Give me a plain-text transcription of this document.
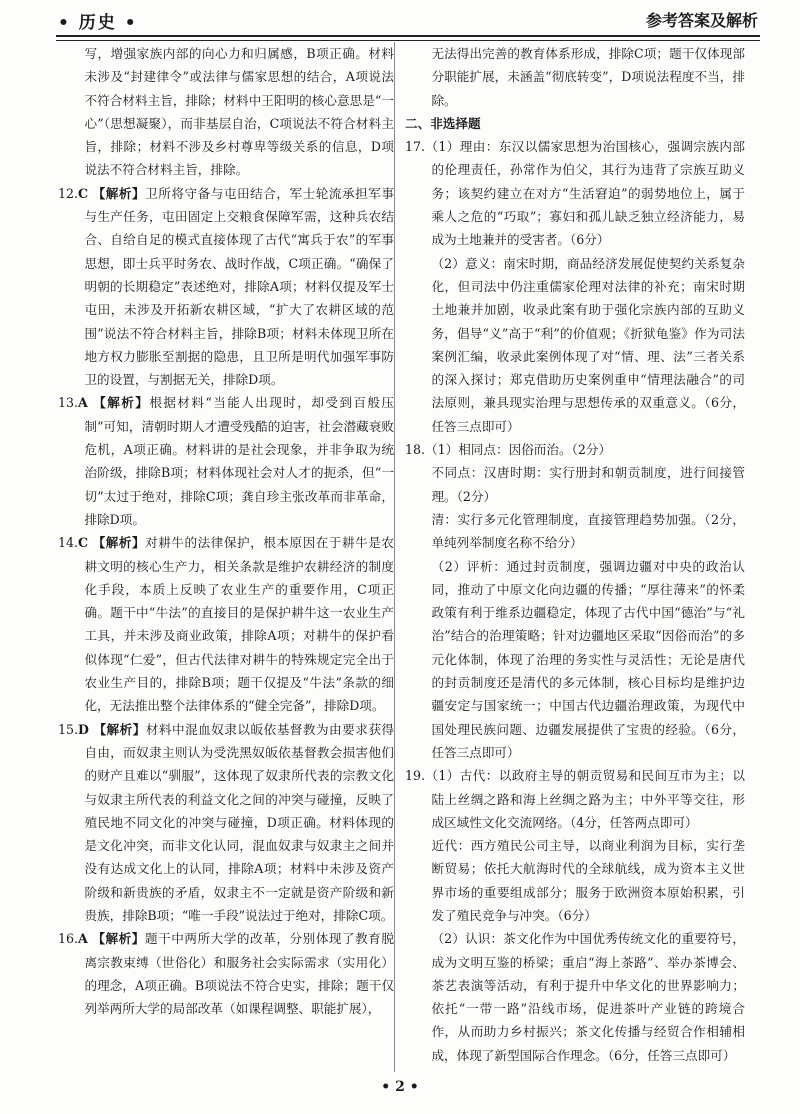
• 历史 •	参考答案及解析

写，增强家族内部的向心力和归属感，B项正确。材料未涉及“封建律令”或法律与儒家思想的结合，A项说法不符合材料主旨，排除；材料中王阳明的核心意思是“一心”（思想凝聚），而非基层自治，C项说法不符合材料主旨，排除；材料不涉及乡村尊卑等级关系的信息，D项说法不符合材料主旨，排除。

12.C 【解析】卫所将守备与屯田结合，军士轮流承担军事与生产任务，屯田固定上交粮食保障军需，这种兵农结合、自给自足的模式直接体现了古代“寓兵于农”的军事思想，即士兵平时务农、战时作战，C项正确。“确保了明朝的长期稳定”表述绝对，排除A项；材料仅提及军士屯田，未涉及开拓新农耕区域，“扩大了农耕区域的范围”说法不符合材料主旨，排除B项；材料未体现卫所在地方权力膨胀至割据的隐患，且卫所是明代加强军事防卫的设置，与割据无关，排除D项。

13.A 【解析】根据材料“当能人出现时，却受到百般压制”可知，清朝时期人才遭受残酷的迫害，社会潜藏衰败危机，A项正确。材料讲的是社会现象，并非争取为统治阶级，排除B项；材料体现社会对人才的扼杀，但“一切”太过于绝对，排除C项；龚自珍主张改革而非革命，排除D项。

14.C 【解析】对耕牛的法律保护，根本原因在于耕牛是农耕文明的核心生产力，相关条款是维护农耕经济的制度化手段，本质上反映了农业生产的重要作用，C项正确。题干中“牛法”的直接目的是保护耕牛这一农业生产工具，并未涉及商业政策，排除A项；对耕牛的保护看似体现“仁爱”，但古代法律对耕牛的特殊规定完全出于农业生产目的，排除B项；题干仅提及“牛法”条款的细化，无法推出整个法律体系的“健全完备”，排除D项。

15.D 【解析】材料中混血奴隶以皈依基督教为由要求获得自由，而奴隶主则认为受洗黑奴皈依基督教会损害他们的财产且难以“驯服”，这体现了奴隶所代表的宗教文化与奴隶主所代表的利益文化之间的冲突与碰撞，反映了殖民地不同文化的冲突与碰撞，D项正确。材料体现的是文化冲突，而非文化认同，混血奴隶与奴隶主之间并没有达成文化上的认同，排除A项；材料中未涉及资产阶级和新贵族的矛盾，奴隶主不一定就是资产阶级和新贵族，排除B项；“唯一手段”说法过于绝对，排除C项。

16.A 【解析】题干中两所大学的改革，分别体现了教育脱离宗教束缚（世俗化）和服务社会实际需求（实用化）的理念，A项正确。B项说法不符合史实，排除；题干仅列举两所大学的局部改革（如课程调整、职能扩展），

无法得出完善的教育体系形成，排除C项；题干仅体现部分职能扩展，未涵盖“彻底转变”，D项说法程度不当，排除。

二、非选择题

17.（1）理由：东汉以儒家思想为治国核心，强调宗族内部的伦理责任，孙常作为伯父，其行为违背了宗族互助义务；该契约建立在对方“生活窘迫”的弱势地位上，属于乘人之危的“巧取”；寡妇和孤儿缺乏独立经济能力，易成为土地兼并的受害者。（6分）

（2）意义：南宋时期，商品经济发展促使契约关系复杂化，但司法中仍注重儒家伦理对法律的补充；南宋时期土地兼并加剧，收录此案有助于强化宗族内部的互助义务，倡导“义”高于“利”的价值观；《折狱龟鉴》作为司法案例汇编，收录此案例体现了对“情、理、法”三者关系的深入探讨；郑克借助历史案例重申“情理法融合”的司法原则，兼具现实治理与思想传承的双重意义。（6分，任答三点即可）

18.（1）相同点：因俗而治。（2分）

不同点：汉唐时期：实行册封和朝贡制度，进行间接管理。（2分）

清：实行多元化管理制度，直接管理趋势加强。（2分，单纯列举制度名称不给分）

（2）评析：通过封贡制度，强调边疆对中央的政治认同，推动了中原文化向边疆的传播；“厚往薄来”的怀柔政策有利于维系边疆稳定，体现了古代中国“德治”与“礼治”结合的治理策略；针对边疆地区采取“因俗而治”的多元化体制，体现了治理的务实性与灵活性；无论是唐代的封贡制度还是清代的多元体制，核心目标均是维护边疆安定与国家统一；中国古代边疆治理政策，为现代中国处理民族问题、边疆发展提供了宝贵的经验。（6分，任答三点即可）

19.（1）古代：以政府主导的朝贡贸易和民间互市为主；以陆上丝绸之路和海上丝绸之路为主；中外平等交往，形成区域性文化交流网络。（4分，任答两点即可）

近代：西方殖民公司主导，以商业利润为目标，实行垄断贸易；依托大航海时代的全球航线，成为资本主义世界市场的重要组成部分；服务于欧洲资本原始积累，引发了殖民竞争与冲突。（6分）

（2）认识：茶文化作为中国优秀传统文化的重要符号，成为文明互鉴的桥梁；重启“海上茶路”、举办茶博会、茶艺表演等活动，有利于提升中华文化的世界影响力；依托“一带一路”沿线市场，促进茶叶产业链的跨境合作，从而助力乡村振兴；茶文化传播与经贸合作相辅相成，体现了新型国际合作理念。（6分，任答三点即可）

• 2 •
